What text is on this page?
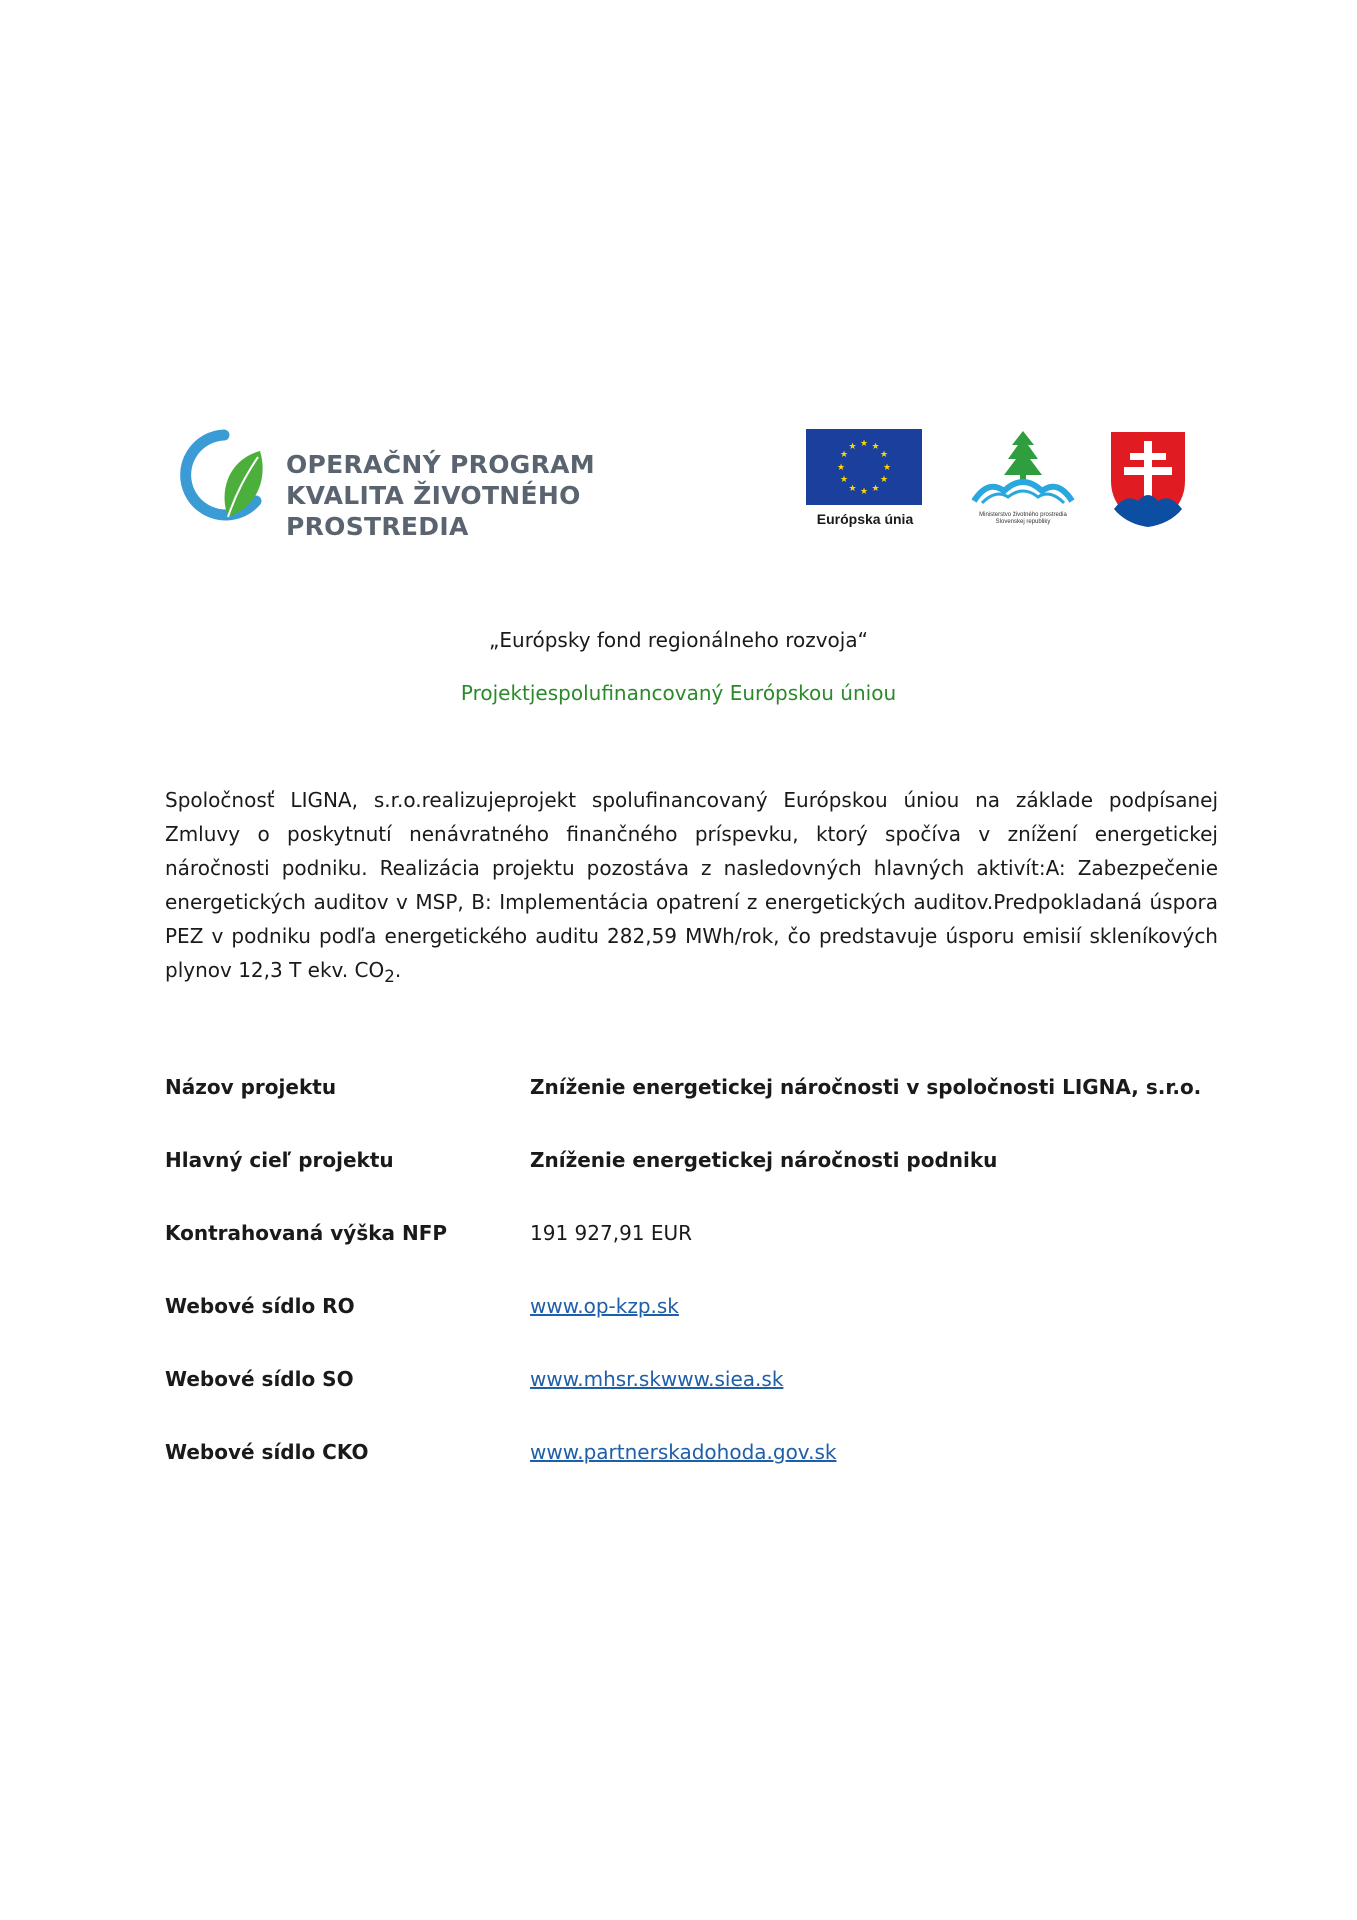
OPERAČNÝ PROGRAM
KVALITA ŽIVOTNÉHO PROSTREDIA
★ ★
★
★
★
★
★
★
★
★
★
★
Európska únia	Ministerstvo životného prostredia
Slovenskej republiky
„Európsky fond regionálneho rozvoja“
Projektjespolufinancovaný Európskou úniou
Spoločnosť LIGNA, s.r.o.realizujeprojekt spolufinancovaný Európskou úniou na základe podpísanej Zmluvy o poskytnutí nenávratného finančného príspevku, ktorý spočíva v znížení energetickej náročnosti podniku. Realizácia projektu pozostáva z nasledovných hlavných aktivít:A: Zabezpečenie energetických auditov v MSP, B: Implementácia opatrení z energetických auditov.Predpokladaná úspora PEZ v podniku podľa energetického auditu 282,59 MWh/rok, čo predstavuje úsporu emisií skleníkových plynov 12,3 T ekv. $CO_2$.
Názov projektu	Zníženie energetickej náročnosti v spoločnosti LIGNA, s.r.o.
Hlavný cieľ projektu	Zníženie energetickej náročnosti podniku
Kontrahovaná výška NFP	191 927,91 EUR
Webové sídlo RO	www.op-kzp.sk
Webové sídlo SO	www.mhsr.skwww.siea.sk
Webové sídlo CKO	www.partnerskadohoda.gov.sk
